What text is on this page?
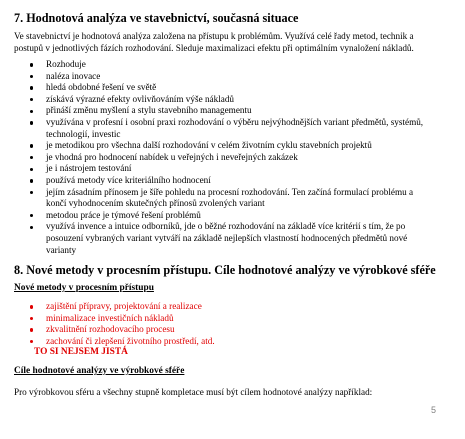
7. Hodnotová analýza ve stavebnictví, současná situace
Ve stavebnictví je hodnotová analýza založena na přístupu k problémům. Využívá celé řady metod, technik a
postupů v jednotlivých fázích rozhodování. Sleduje maximalizaci efektu při optimálním vynaložení nákladů.
Rozhoduje
naléza inovace
hledá obdobné řešení ve světě
získává výrazné efekty ovlivňováním výše nákladů
přináší změnu myšlení a stylu stavebního managementu
využívána v profesní i osobní praxi rozhodování o výběru nejvýhodnějších variant předmětů, systémů,
technologií, investic
je metodikou pro všechna další rozhodování v celém životním cyklu stavebních projektů
je vhodná pro hodnocení nabídek u veřejných i neveřejných zakázek
je i nástrojem testování
používá metody více kriteriálního hodnocení
jejím zásadním přínosem je šíře pohledu na procesní rozhodování. Ten začíná formulací problému a
končí vyhodnocením skutečných přínosů zvolených variant
metodou práce je týmové řešení problémů
využívá invence a intuice odborníků, jde o běžné rozhodování na základě více kritérií s tím, že po
posouzení vybraných variant vytváří na základě nejlepších vlastností hodnocených předmětů nové
varianty
8. Nové metody v procesním přístupu. Cíle hodnotové analýzy ve výrobkové sféře
Nové metody v procesním přístupu
zajištění přípravy, projektování a realizace
minimalizace investičních nákladů
zkvalitnění rozhodovacího procesu
zachování či zlepšení životního prostředí, atd.
TO SI NEJSEM JISTÁ
Cíle hodnotové analýzy ve výrobkové sféře
Pro výrobkovou sféru a všechny stupně kompletace musí být cílem hodnotové analýzy například:
5
